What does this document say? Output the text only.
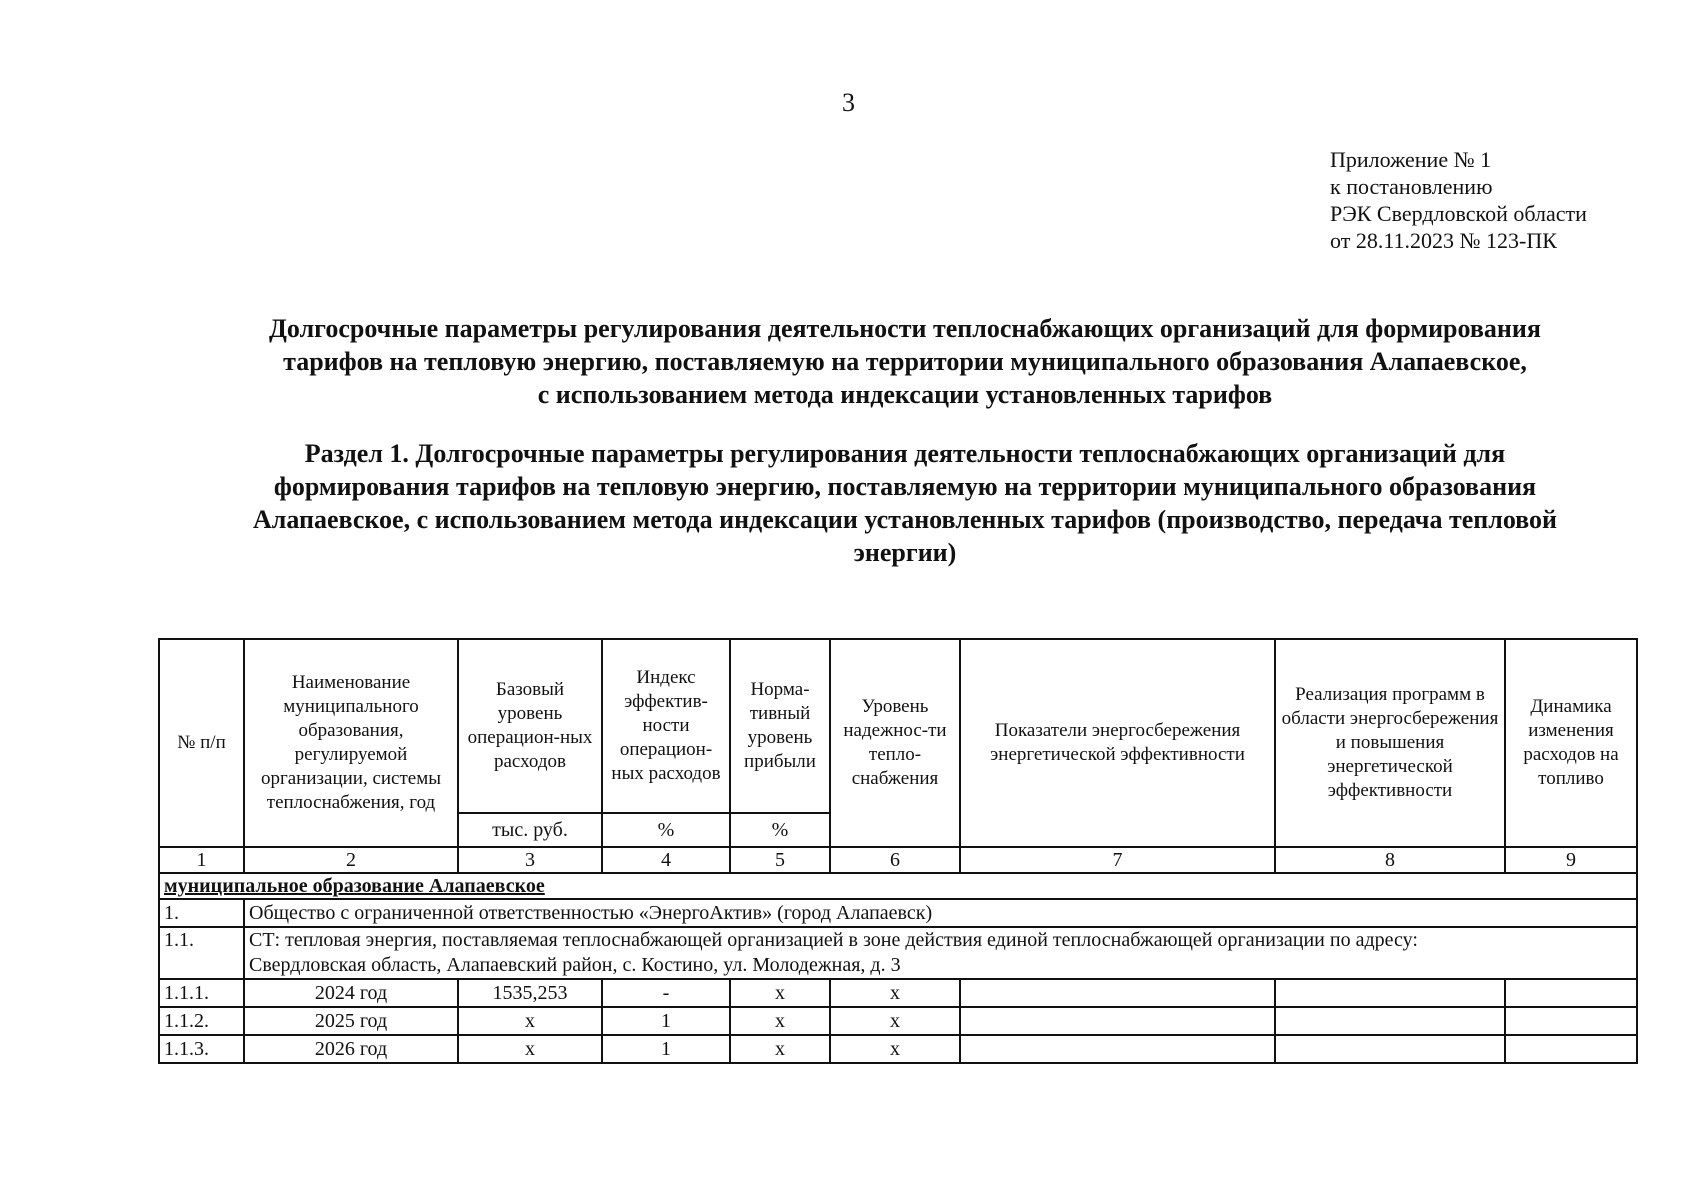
3
Приложение № 1
к постановлению
РЭК Свердловской области
от 28.11.2023 № 123-ПК
Долгосрочные параметры регулирования деятельности теплоснабжающих организаций для формирования
тарифов на тепловую энергию, поставляемую на территории муниципального образования Алапаевское,
с использованием метода индексации установленных тарифов
Раздел 1. Долгосрочные параметры регулирования деятельности теплоснабжающих организаций для
формирования тарифов на тепловую энергию, поставляемую на территории муниципального образования
Алапаевское, с использованием метода индексации установленных тарифов (производство, передача тепловой
энергии)
№ п/п	Наименование муниципального образования, регулируемой организации, системы теплоснабжения, год	Базовый уровень операцион-ных расходов	Индекс эффектив-ности операцион-ных расходов	Норма-тивный уровень прибыли	Уровень надежнос-ти тепло-снабжения	Показатели энергосбережения энергетической эффективности	Реализация программ в области энергосбережения и повышения энергетической эффективности	Динамика изменения расходов на топливо
		тыс. руб.	%	%				
1	2	3	4	5	6	7	8	9
муниципальное образование Алапаевское								
1.	Общество с ограниченной ответственностью «ЭнергоАктив» (город Алапаевск)							
1.1.	СТ: тепловая энергия, поставляемая теплоснабжающей организацией в зоне действия единой теплоснабжающей организации по адресу:
Свердловская область, Алапаевский район, с. Костино, ул. Молодежная, д. 3							

1.1.1.	2024 год	1535,253	-	х	х			
1.1.2.	2025 год	х	1	х	х			
1.1.3.	2026 год	х	1	х	х			
